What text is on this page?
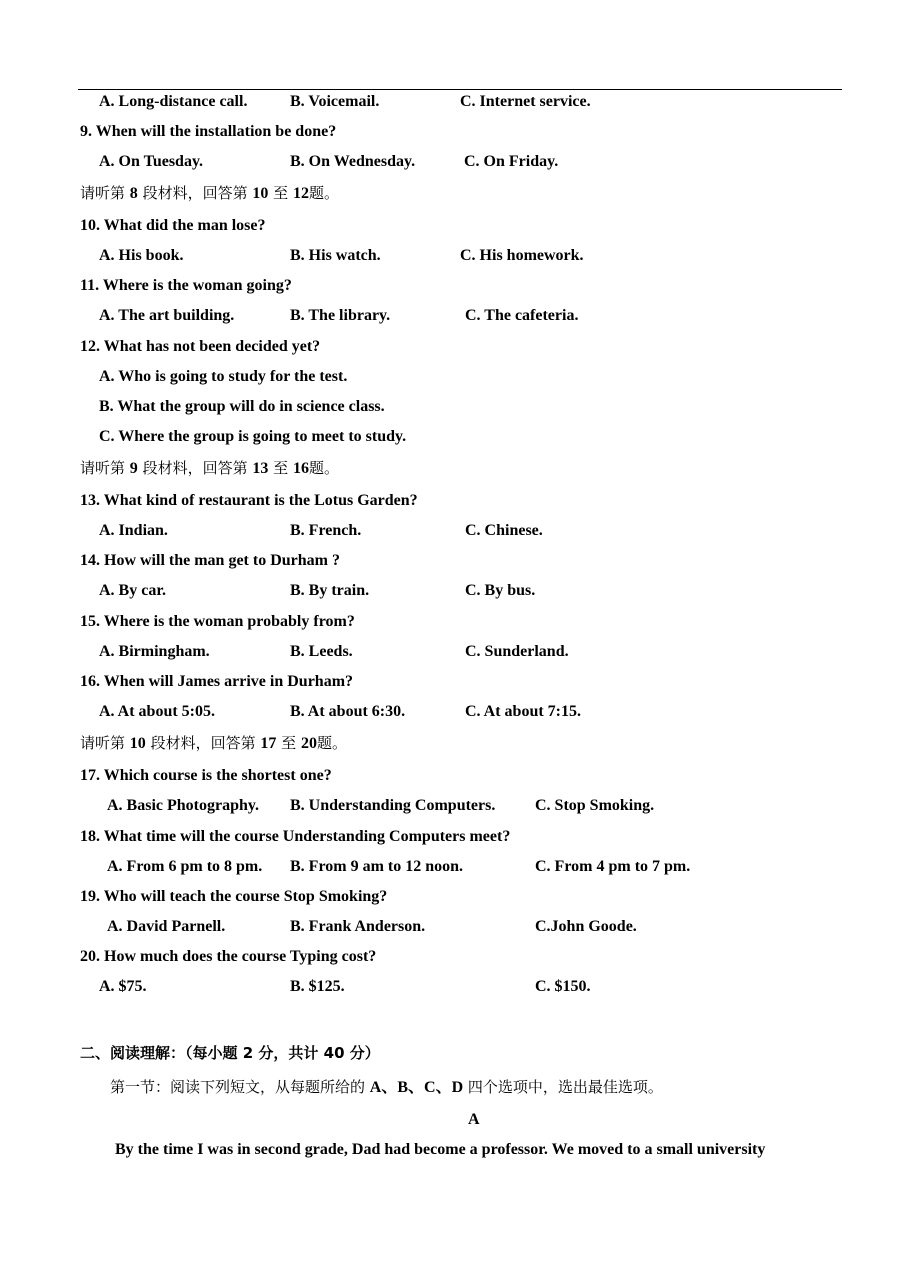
A. Long-distance call.	B. Voicemail.	C. Internet service.
9. When will the installation be done?
A. On Tuesday.	B. On Wednesday.	C. On Friday.
请听第 8 段材料，回答第 10 至 12题。
10. What did the man lose?
A. His book.	B. His watch.	C. His homework.
11. Where is the woman going?
A. The art building.	B. The library.	C. The cafeteria.
12. What has not been decided yet?
A. Who is going to study for the test.
B. What the group will do in science class.
C. Where the group is going to meet to study.
请听第 9 段材料，回答第 13 至 16题。
13. What kind of restaurant is the Lotus Garden?
A. Indian.	B. French.	C. Chinese.
14. How will the man get to Durham ?
A. By car.	B. By train.	C. By bus.
15. Where is the woman probably from?
A. Birmingham.	B. Leeds.	C. Sunderland.
16. When will James arrive in Durham?
A. At about 5:05.	B. At about 6:30.	C. At about 7:15.
请听第 10 段材料，回答第 17 至 20题。
17. Which course is the shortest one?
A. Basic Photography. B. Understanding Computers. C. Stop Smoking.
18. What time will the course Understanding Computers meet?
A. From 6 pm to 8 pm. B. From 9 am to 12 noon.	C. From 4 pm to 7 pm.
19. Who will teach the course Stop Smoking?
A. David Parnell.	B. Frank Anderson.	C.John Goode.
20. How much does the course Typing cost?
A. $75.	B. $125.	C. $150.
二、阅读理解：（每小题 2 分，共计 40 分）
第一节：阅读下列短文，从每题所给的 A、B、C、D 四个选项中，选出最佳选项。
A
By the time I was in second grade, Dad had become a professor. We moved to a small university
